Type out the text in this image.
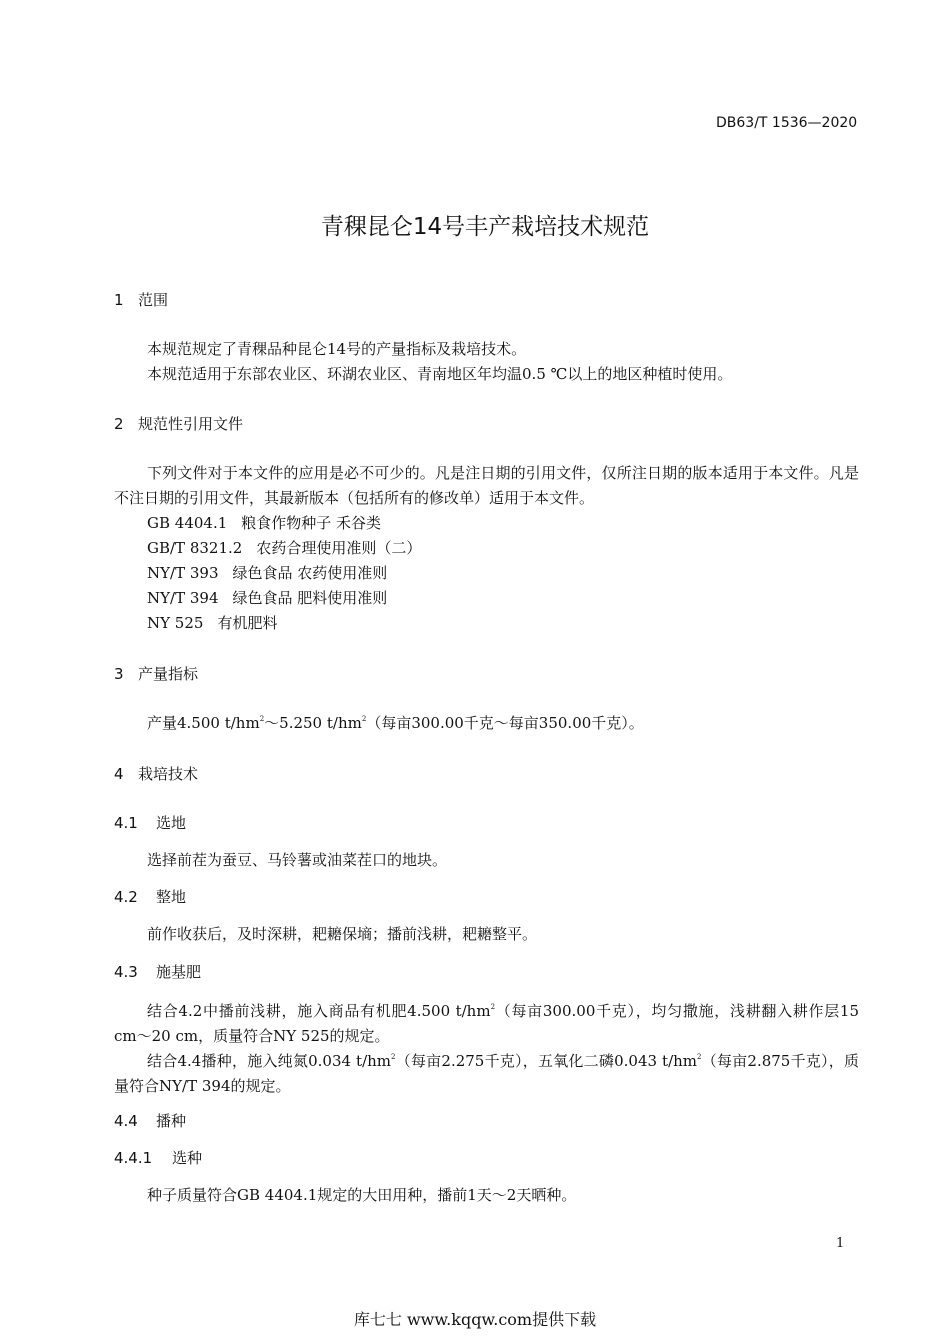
DB63/T 1536—2020
青稞昆仑14号丰产栽培技术规范
1 范围
本规范规定了青稞品种昆仑14号的产量指标及栽培技术。
本规范适用于东部农业区、环湖农业区、青南地区年均温0.5 ℃以上的地区种植时使用。
2 规范性引用文件
下列文件对于本文件的应用是必不可少的。凡是注日期的引用文件，仅所注日期的版本适用于本文件。凡是不注日期的引用文件，其最新版本（包括所有的修改单）适用于本文件。
GB 4404.1 粮食作物种子 禾谷类
GB/T 8321.2 农药合理使用准则（二）
NY/T 393 绿色食品 农药使用准则
NY/T 394 绿色食品 肥料使用准则
NY 525 有机肥料
3 产量指标
产量4.500 $t/hm^2\sim 5.250$ $t/hm^2$（每亩300.00千克～每亩350.00千克）。
4 栽培技术
4.1 选地
选择前茬为蚕豆、马铃薯或油菜茬口的地块。
4.2 整地
前作收获后，及时深耕，耙耱保墒；播前浅耕，耙耱整平。
4.3 施基肥
结合4.2中播前浅耕，施入商品有机肥4.500 $t/hm^2$（每亩300.00千克），均匀撒施，浅耕翻入耕作层15 cm～20 cm，质量符合NY 525的规定。
结合4.4播种，施入纯氮0.034 $t/hm^2$（每亩2.275千克），五氧化二磷0.043 $t/hm^2$（每亩2.875千克），质量符合NY/T 394的规定。
4.4 播种
4.4.1 选种
种子质量符合GB 4404.1规定的大田用种，播前1天～2天晒种。
1
库七七 www.kqqw.com提供下载
